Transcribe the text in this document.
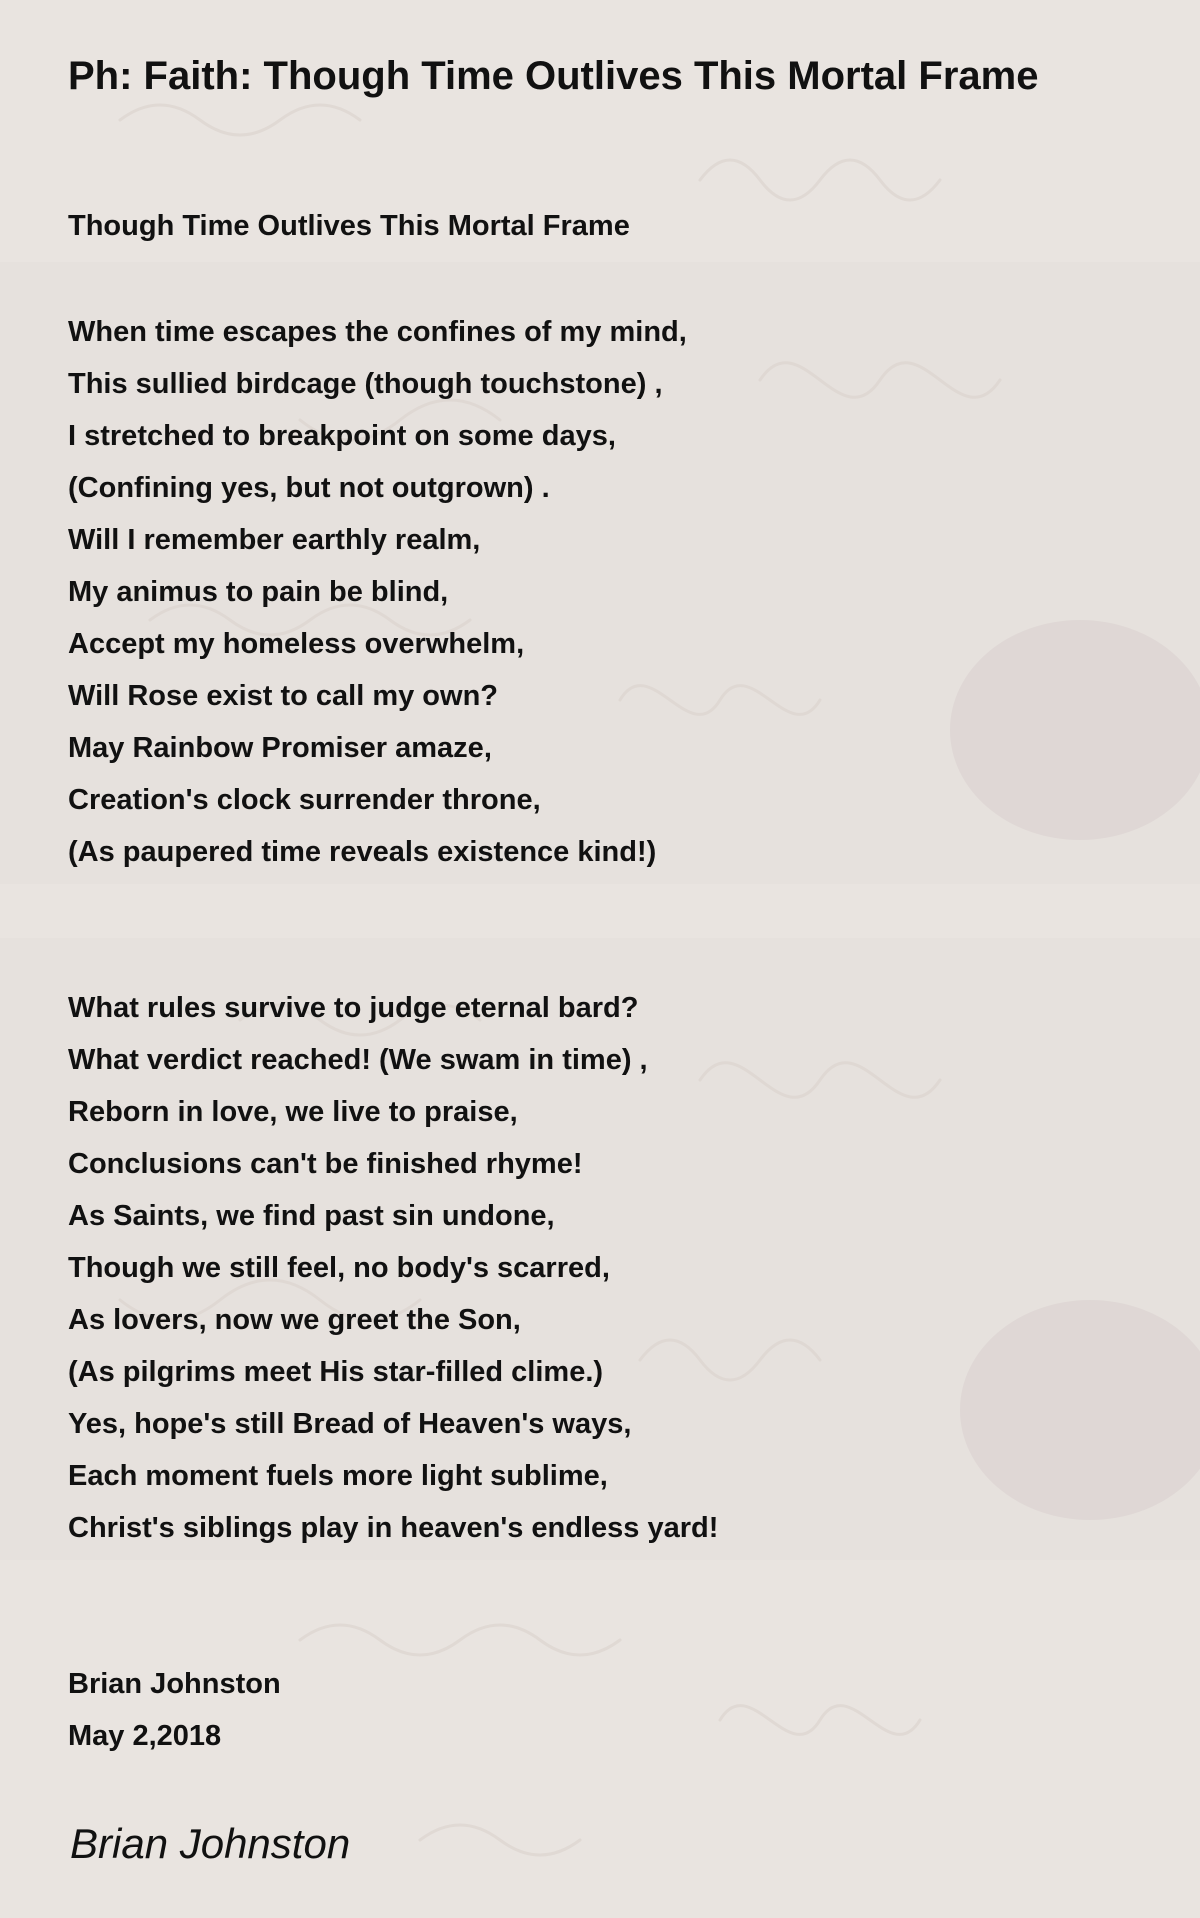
Ph: Faith: Though Time Outlives This Mortal Frame
Though Time Outlives This Mortal Frame
When time escapes the confines of my mind,
This sullied birdcage (though touchstone) ,
I stretched to breakpoint on some days,
(Confining yes, but not outgrown) .
Will I remember earthly realm,
My animus to pain be blind,
Accept my homeless overwhelm,
Will Rose exist to call my own?
May Rainbow Promiser amaze,
Creation's clock surrender throne,
(As paupered time reveals existence kind!)
What rules survive to judge eternal bard?
What verdict reached! (We swam in time) ,
Reborn in love, we live to praise,
Conclusions can't be finished rhyme!
As Saints, we find past sin undone,
Though we still feel, no body's scarred,
As lovers, now we greet the Son,
(As pilgrims meet His star-filled clime.)
Yes, hope's still Bread of Heaven's ways,
Each moment fuels more light sublime,
Christ's siblings play in heaven's endless yard!

Brian Johnston

May 2,2018

Brian Johnston
